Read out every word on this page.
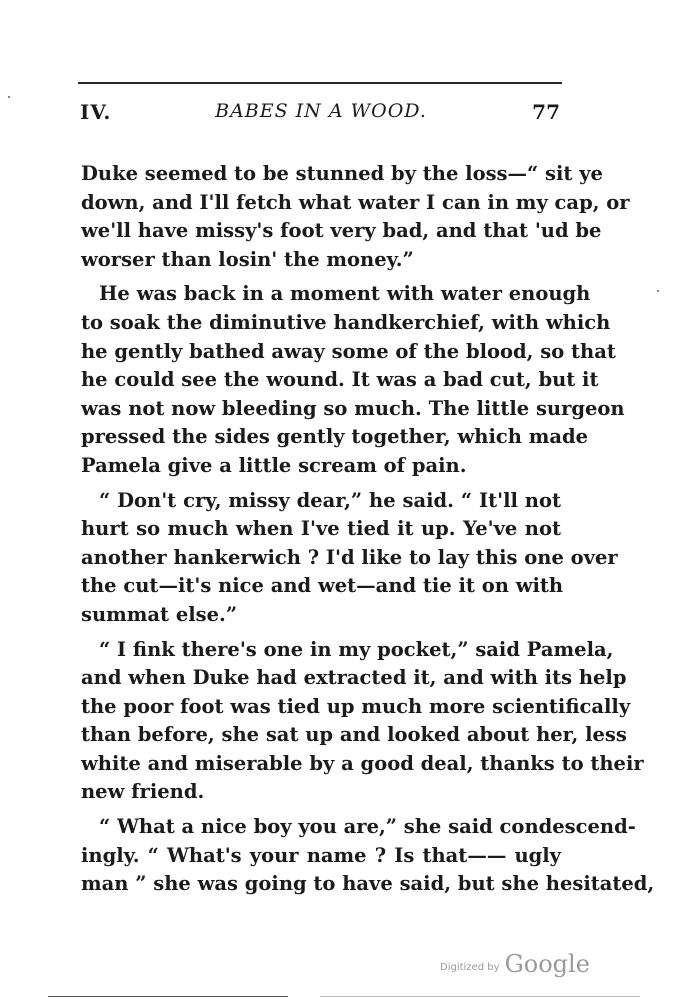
IV.	BABES IN A WOOD.	77

Duke seemed to be stunned by the loss—“ sit ye
down, and I'll fetch what water I can in my cap, or
we'll have missy's foot very bad, and that 'ud be
worser than losin' the money.”

He was back in a moment with water enough
to soak the diminutive handkerchief, with which
he gently bathed away some of the blood, so that
he could see the wound. It was a bad cut, but it
was not now bleeding so much. The little surgeon
pressed the sides gently together, which made
Pamela give a little scream of pain.

“ Don't cry, missy dear,” he said. “ It'll not
hurt so much when I've tied it up. Ye've not
another hankerwich ? I'd like to lay this one over
the cut—it's nice and wet—and tie it on with
summat else.”

“ I fink there's one in my pocket,” said Pamela,
and when Duke had extracted it, and with its help
the poor foot was tied up much more scientifically
than before, she sat up and looked about her, less
white and miserable by a good deal, thanks to their
new friend.

“ What a nice boy you are,” she said condescend-
ingly. “ What's your name ? Is that—— ugly
man ” she was going to have said, but she hesitated,

Digitized by Google
